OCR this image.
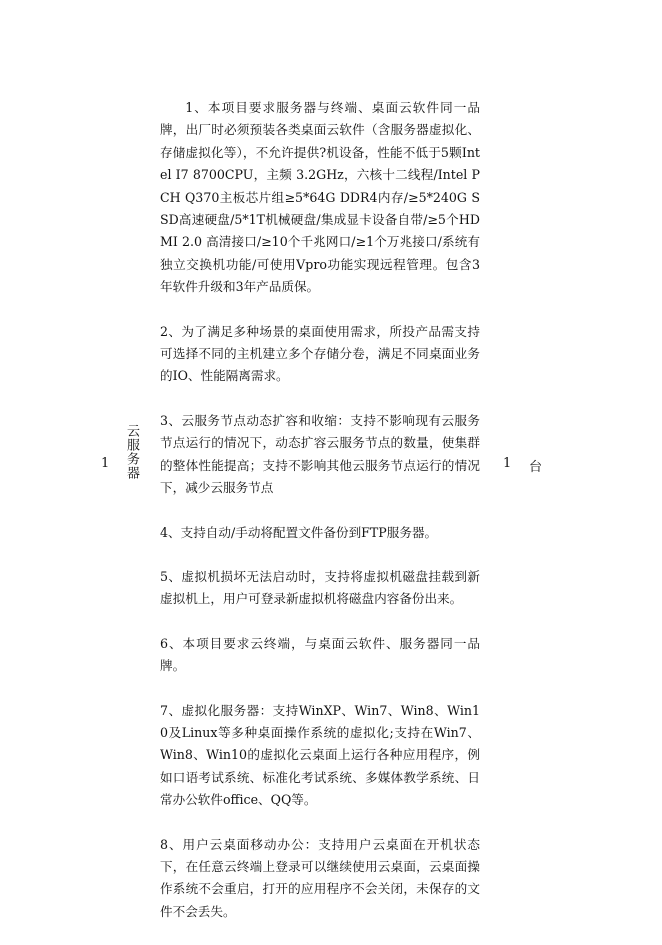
1 云服务器

1、本项目要求服务器与终端、桌面云软件同一品牌，出厂时必须预装各类桌面云软件（含服务器虚拟化、存储虚拟化等），不允许提供?机设备，性能不低于5颗Intel I7 8700CPU，主频 3.2GHz，六核十二线程/Intel PCH Q370主板芯片组≥5*64G DDR4内存/≥5*240G SSD高速硬盘/5*1T机械硬盘/集成显卡设备自带/≥5个HDMI 2.0 高清接口/≥10个千兆网口/≥1个万兆接口/系统有独立交换机功能/可使用Vpro功能实现远程管理。包含3年软件升级和3年产品质保。

2、为了满足多种场景的桌面使用需求，所投产品需支持可选择不同的主机建立多个存储分卷，满足不同桌面业务的IO、性能隔离需求。

3、云服务节点动态扩容和收缩：支持不影响现有云服务节点运行的情况下，动态扩容云服务节点的数量，使集群的整体性能提高；支持不影响其他云服务节点运行的情况下，减少云服务节点

4、支持自动/手动将配置文件备份到FTP服务器。

5、虚拟机损坏无法启动时，支持将虚拟机磁盘挂载到新虚拟机上，用户可登录新虚拟机将磁盘内容备份出来。

6、本项目要求云终端，与桌面云软件、服务器同一品牌。

7、虚拟化服务器：支持WinXP、Win7、Win8、Win10及Linux等多种桌面操作系统的虚拟化;支持在Win7、Win8、Win10的虚拟化云桌面上运行各种应用程序，例如口语考试系统、标准化考试系统、多媒体教学系统、日常办公软件office、QQ等。

8、用户云桌面移动办公：支持用户云桌面在开机状态下，在任意云终端上登录可以继续使用云桌面，云桌面操作系统不会重启，打开的应用程序不会关闭，未保存的文件不会丢失。

1 台
